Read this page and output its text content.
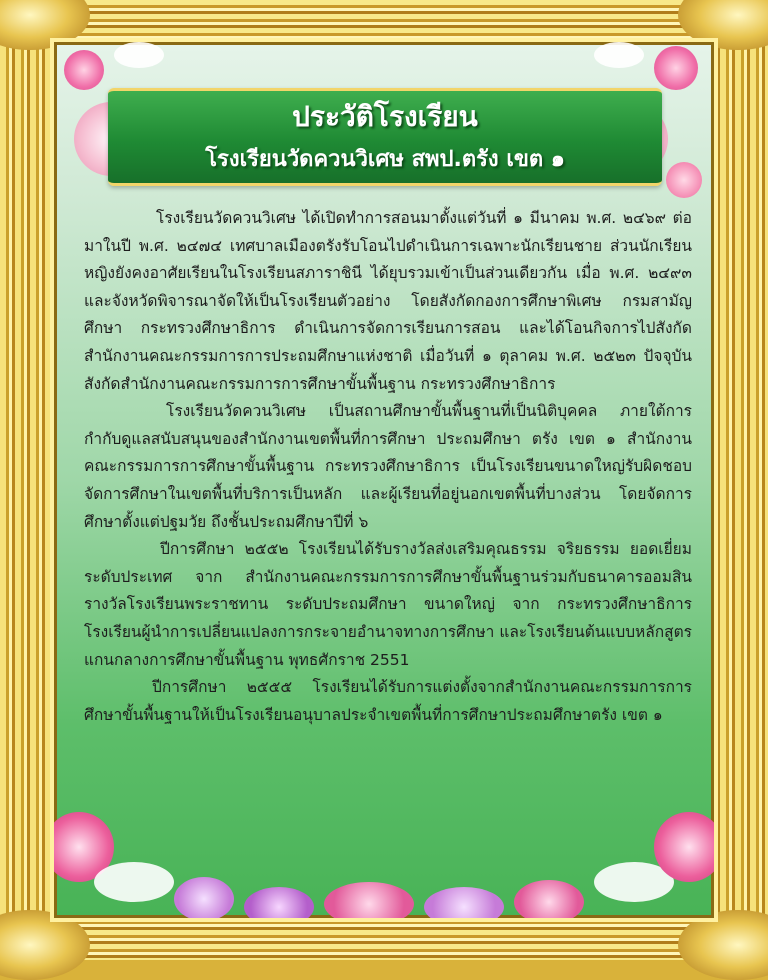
ประวัติโรงเรียน
โรงเรียนวัดควนวิเศษ สพป.ตรัง เขต ๑

โรงเรียนวัดควนวิเศษ ได้เปิดทำการสอนมาตั้งแต่วันที่ ๑ มีนาคม พ.ศ. ๒๔๖๙ ต่อมาในปี พ.ศ. ๒๔๗๔ เทศบาลเมืองตรังรับโอนไปดำเนินการเฉพาะนักเรียนชาย ส่วนนักเรียนหญิงยังคงอาศัยเรียนในโรงเรียนสภาราชินี ได้ยุบรวมเข้าเป็นส่วนเดียวกัน เมื่อ พ.ศ. ๒๔๙๓ และจังหวัดพิจารณาจัดให้เป็นโรงเรียนตัวอย่าง โดยสังกัดกองการศึกษาพิเศษ กรมสามัญศึกษา กระทรวงศึกษาธิการ ดำเนินการจัดการเรียนการสอน และได้โอนกิจการไปสังกัดสำนักงานคณะกรรมการการประถมศึกษาแห่งชาติ เมื่อวันที่ ๑ ตุลาคม พ.ศ. ๒๕๒๓ ปัจจุบันสังกัดสำนักงานคณะกรรมการการศึกษาขั้นพื้นฐาน กระทรวงศึกษาธิการ

โรงเรียนวัดควนวิเศษ เป็นสถานศึกษาขั้นพื้นฐานที่เป็นนิติบุคคล ภายใต้การกำกับดูแลสนับสนุนของสำนักงานเขตพื้นที่การศึกษา ประถมศึกษา ตรัง เขต ๑ สำนักงานคณะกรรมการการศึกษาขั้นพื้นฐาน กระทรวงศึกษาธิการ เป็นโรงเรียนขนาดใหญ่รับผิดชอบจัดการศึกษาในเขตพื้นที่บริการเป็นหลัก และผู้เรียนที่อยู่นอกเขตพื้นที่บางส่วน โดยจัดการศึกษาตั้งแต่ปฐมวัย ถึงชั้นประถมศึกษาปีที่ ๖

ปีการศึกษา ๒๕๕๒ โรงเรียนได้รับรางวัลส่งเสริมคุณธรรม จริยธรรม ยอดเยี่ยมระดับประเทศ จาก สำนักงานคณะกรรมการการศึกษาขั้นพื้นฐานร่วมกับธนาคารออมสิน รางวัลโรงเรียนพระราชทาน ระดับประถมศึกษา ขนาดใหญ่ จาก กระทรวงศึกษาธิการ โรงเรียนผู้นำการเปลี่ยนแปลงการกระจายอำนาจทางการศึกษา และโรงเรียนต้นแบบหลักสูตรแกนกลางการศึกษาขั้นพื้นฐาน พุทธศักราช 2551

ปีการศึกษา ๒๕๕๕ โรงเรียนได้รับการแต่งตั้งจากสำนักงานคณะกรรมการการศึกษาขั้นพื้นฐานให้เป็นโรงเรียนอนุบาลประจำเขตพื้นที่การศึกษาประถมศึกษาตรัง เขต ๑
